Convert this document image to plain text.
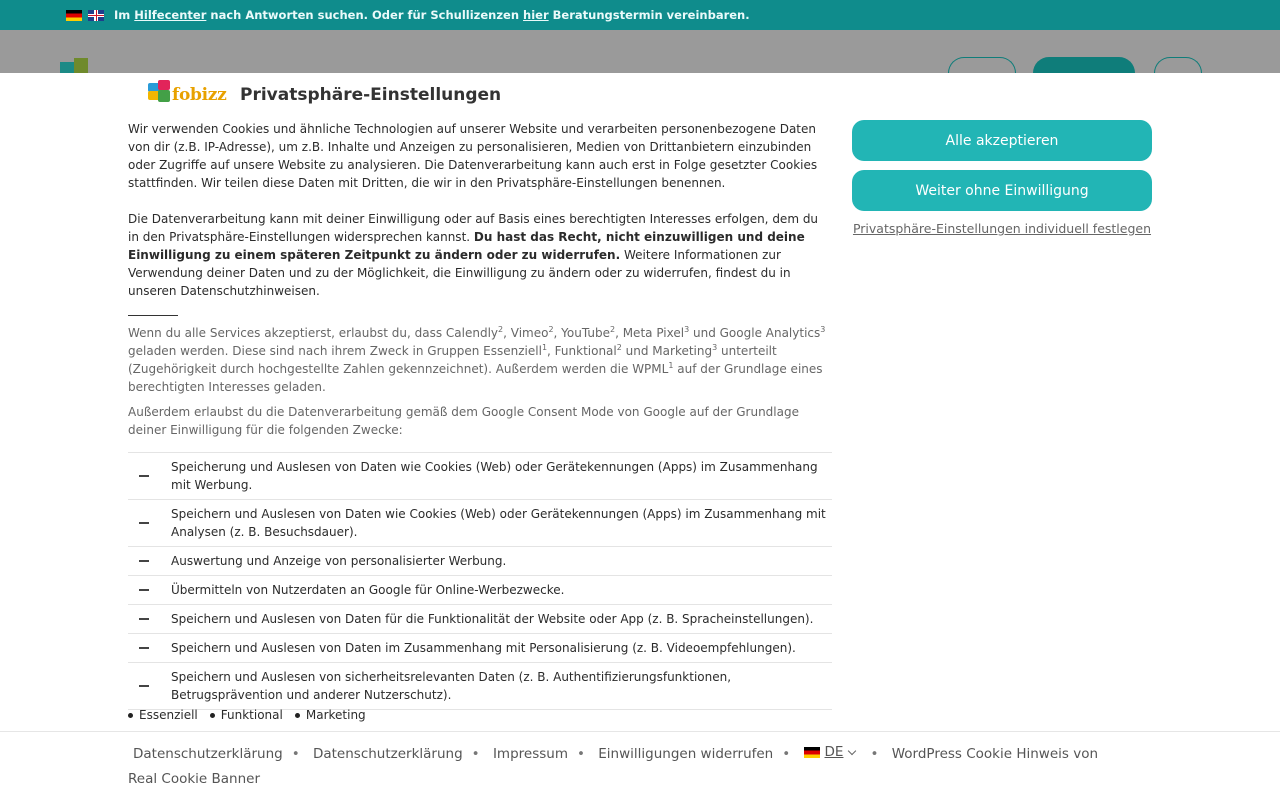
Im Hilfecenter nach Antworten suchen. Oder für Schullizenzen hier Beratungstermin vereinbaren.
fobizz Privatsphäre-Einstellungen

Wir verwenden Cookies und ähnliche Technologien auf unserer Website und verarbeiten personenbezogene Daten von dir (z.B. IP-Adresse), um z.B. Inhalte und Anzeigen zu personalisieren, Medien von Drittanbietern einzubinden oder Zugriffe auf unsere Website zu analysieren. Die Datenverarbeitung kann auch erst in Folge gesetzter Cookies stattfinden. Wir teilen diese Daten mit Dritten, die wir in den Privatsphäre-Einstellungen benennen.

Die Datenverarbeitung kann mit deiner Einwilligung oder auf Basis eines berechtigten Interesses erfolgen, dem du in den Privatsphäre-Einstellungen widersprechen kannst. Du hast das Recht, nicht einzuwilligen und deine Einwilligung zu einem späteren Zeitpunkt zu ändern oder zu widerrufen. Weitere Informationen zur Verwendung deiner Daten und zu der Möglichkeit, die Einwilligung zu ändern oder zu widerrufen, findest du in unseren Datenschutzhinweisen.

Wenn du alle Services akzeptierst, erlaubst du, dass Calendly$^2$, Vimeo$^2$, YouTube$^2$, Meta Pixel$^3$ und Google Analytics$^3$ geladen werden. Diese sind nach ihrem Zweck in Gruppen Essenziell$^1$, Funktional$^2$ und Marketing$^3$ unterteilt (Zugehörigkeit durch hochgestellte Zahlen gekennzeichnet). Außerdem werden die WPML$^1$ auf der Grundlage eines berechtigten Interesses geladen.

Außerdem erlaubst du die Datenverarbeitung gemäß dem Google Consent Mode von Google auf der Grundlage deiner Einwilligung für die folgenden Zwecke:

Speicherung und Auslesen von Daten wie Cookies (Web) oder Gerätekennungen (Apps) im Zusammenhang mit Werbung.
Speichern und Auslesen von Daten wie Cookies (Web) oder Gerätekennungen (Apps) im Zusammenhang mit Analysen (z. B. Besuchsdauer).
Auswertung und Anzeige von personalisierter Werbung.
Übermitteln von Nutzerdaten an Google für Online-Werbezwecke.
Speichern und Auslesen von Daten für die Funktionalität der Website oder App (z. B. Spracheinstellungen).
Speichern und Auslesen von Daten im Zusammenhang mit Personalisierung (z. B. Videoempfehlungen).
Speichern und Auslesen von sicherheitsrelevanten Daten (z. B. Authentifizierungsfunktionen, Betrugsprävention und anderer Nutzerschutz).
Essenziell Funktional Marketing
Alle akzeptieren
Weiter ohne Einwilligung
Privatsphäre-Einstellungen individuell festlegen
Datenschutzerklärung • Datenschutzerklärung • Impressum • Einwilligungen widerrufen •	DE • WordPress Cookie Hinweis von Real Cookie Banner
